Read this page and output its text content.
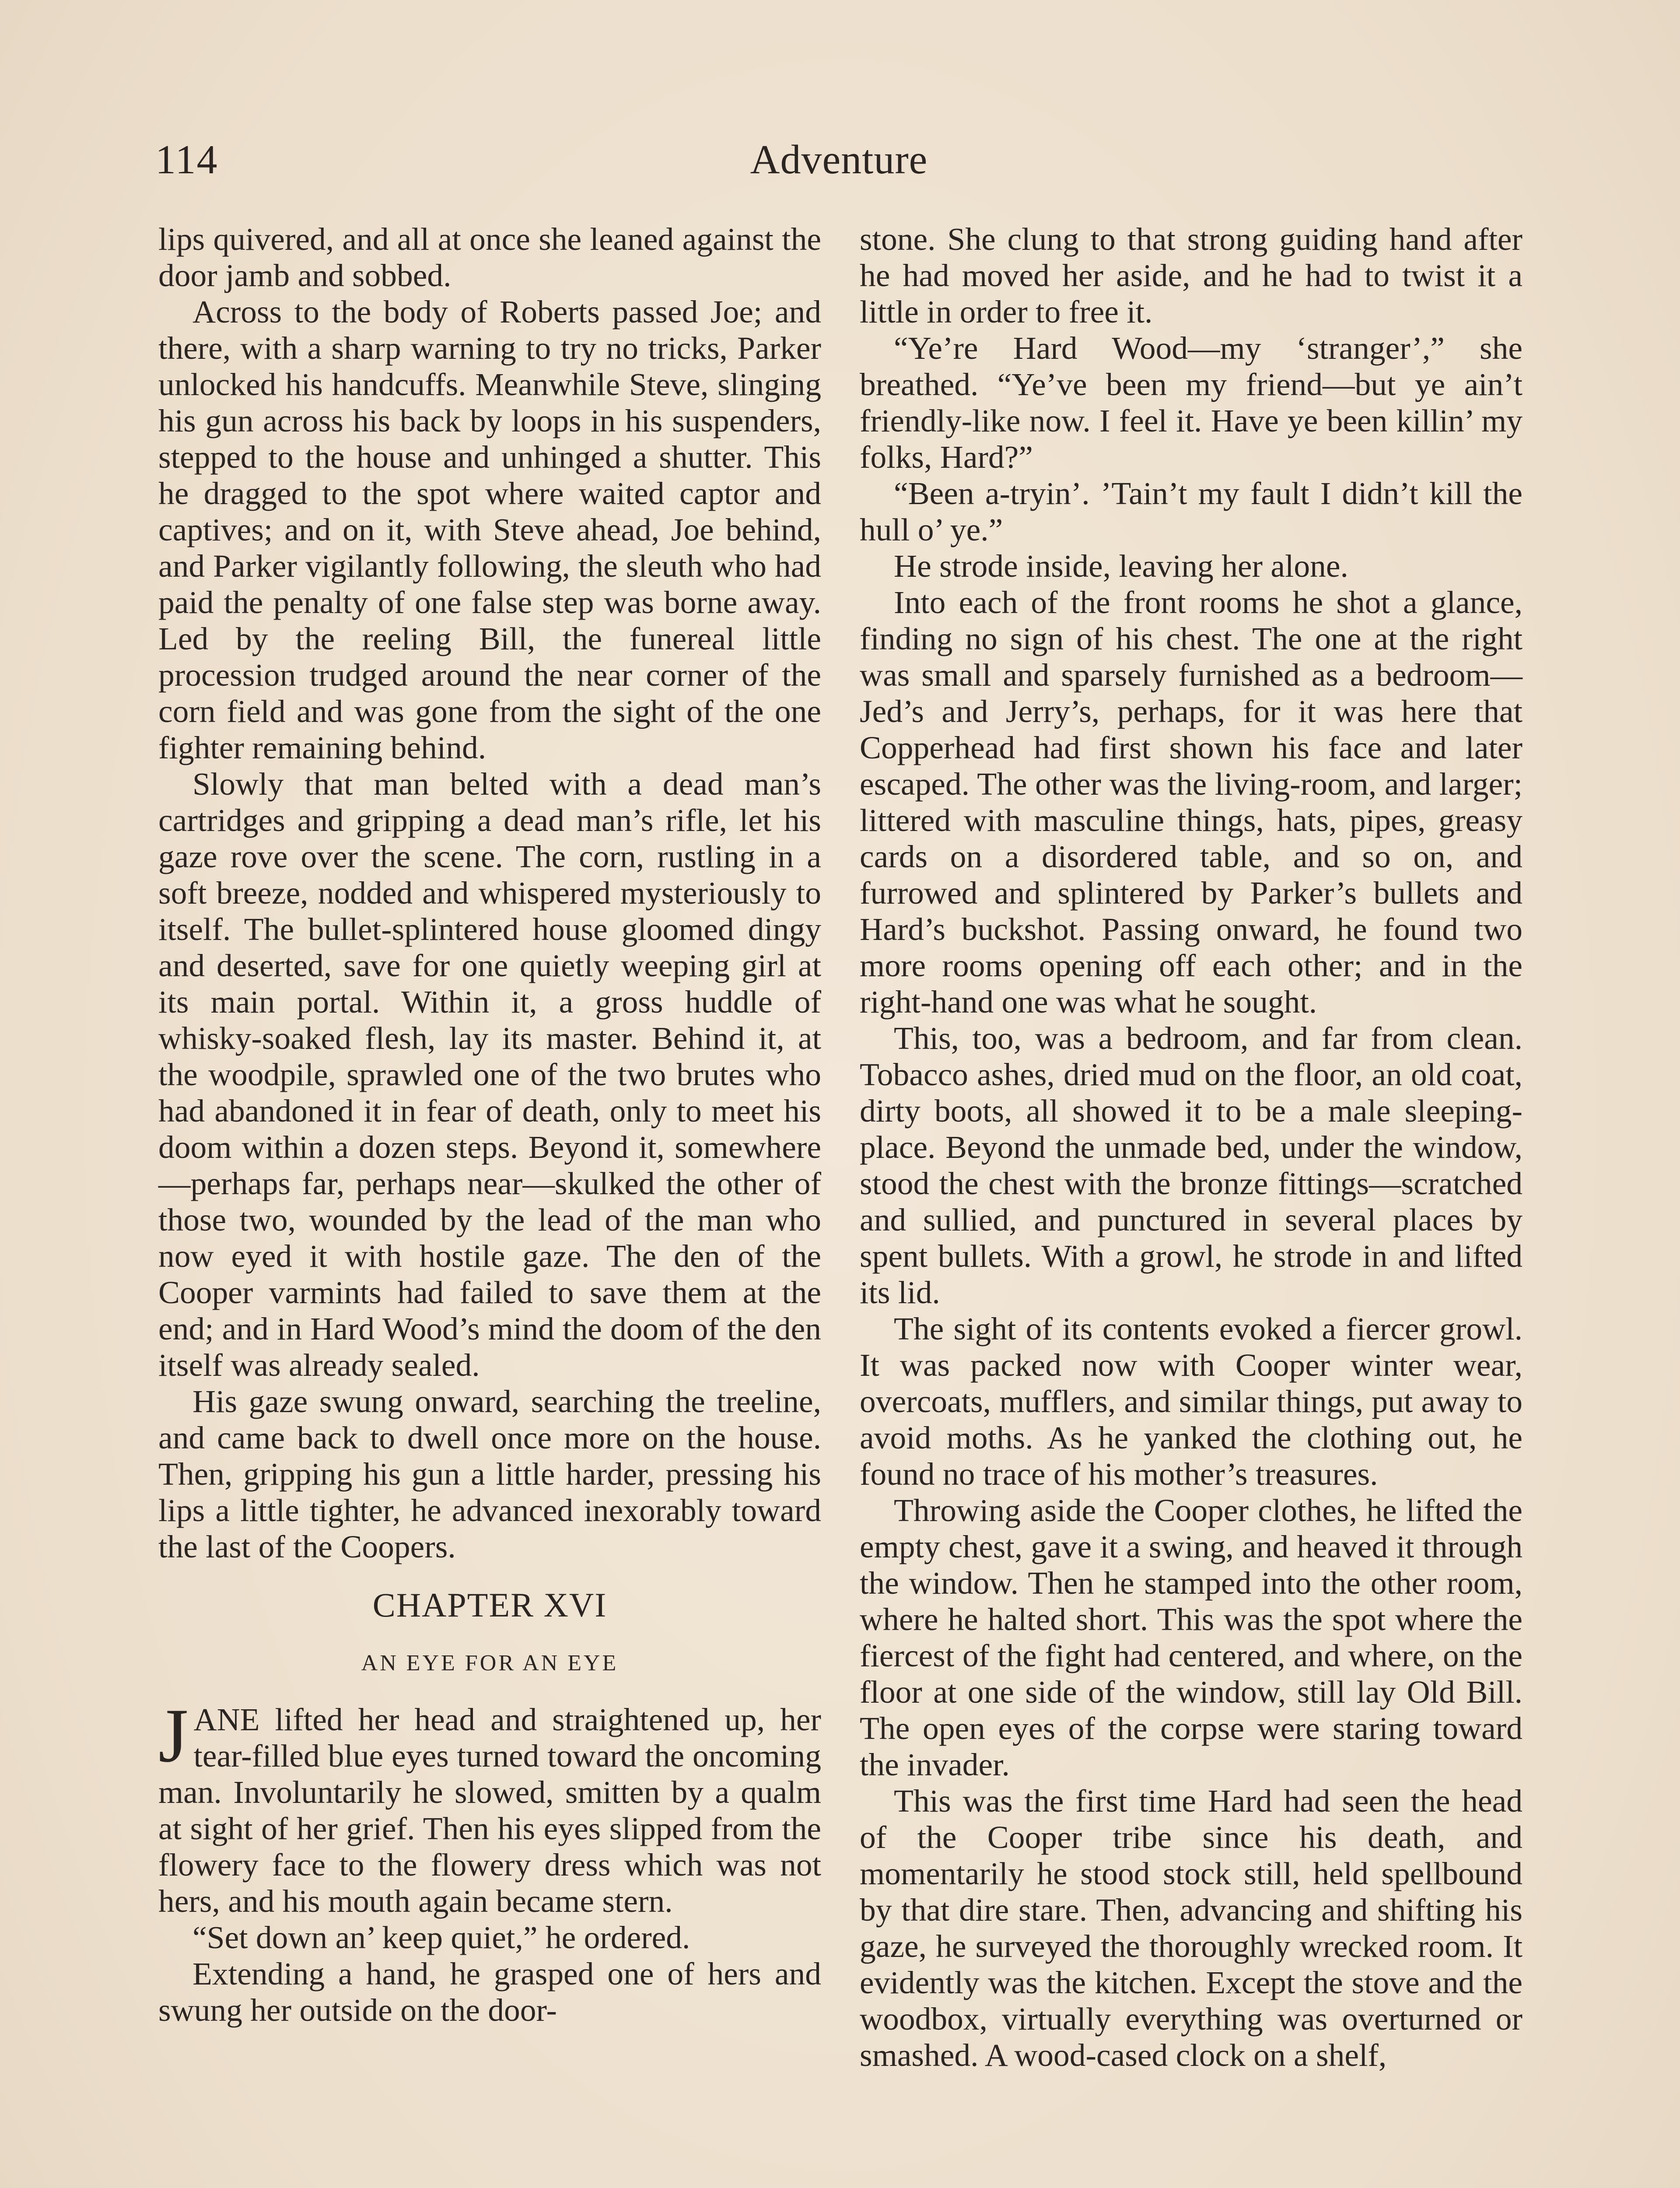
114	Adventure

lips quivered, and all at once she leaned against the door jamb and sobbed.

Across to the body of Roberts passed Joe; and there, with a sharp warning to try no tricks, Parker unlocked his handcuffs. Meanwhile Steve, slinging his gun across his back by loops in his suspenders, stepped to the house and unhinged a shutter. This he dragged to the spot where waited captor and captives; and on it, with Steve ahead, Joe behind, and Parker vigilantly following, the sleuth who had paid the penalty of one false step was borne away. Led by the reeling Bill, the funereal little procession trudged around the near corner of the corn field and was gone from the sight of the one fighter remaining behind.

Slowly that man belted with a dead man’s cartridges and gripping a dead man’s rifle, let his gaze rove over the scene. The corn, rustling in a soft breeze, nodded and whispered mysteriously to itself. The bullet-splintered house gloomed dingy and deserted, save for one quietly weeping girl at its main portal. Within it, a gross huddle of whisky-soaked flesh, lay its master. Behind it, at the woodpile, sprawled one of the two brutes who had abandoned it in fear of death, only to meet his doom within a dozen steps. Beyond it, somewhere—perhaps far, perhaps near—skulked the other of those two, wounded by the lead of the man who now eyed it with hostile gaze. The den of the Cooper varmints had failed to save them at the end; and in Hard Wood’s mind the doom of the den itself was already sealed.

His gaze swung onward, searching the treeline, and came back to dwell once more on the house. Then, gripping his gun a little harder, pressing his lips a little tighter, he advanced inexorably toward the last of the Coopers.

CHAPTER XVI
AN EYE FOR AN EYE

JANE lifted her head and straightened up, her tear-filled blue eyes turned toward the oncoming man. Involuntarily he slowed, smitten by a qualm at sight of her grief. Then his eyes slipped from the flowery face to the flowery dress which was not hers, and his mouth again became stern.

“Set down an’ keep quiet,” he ordered.

Extending a hand, he grasped one of hers and swung her outside on the door-

stone. She clung to that strong guiding hand after he had moved her aside, and he had to twist it a little in order to free it.

“Ye’re Hard Wood—my ‘stranger’,” she breathed. “Ye’ve been my friend—but ye ain’t friendly-like now. I feel it. Have ye been killin’ my folks, Hard?”

“Been a-tryin’. ’Tain’t my fault I didn’t kill the hull o’ ye.”

He strode inside, leaving her alone.

Into each of the front rooms he shot a glance, finding no sign of his chest. The one at the right was small and sparsely furnished as a bedroom—Jed’s and Jerry’s, perhaps, for it was here that Copperhead had first shown his face and later escaped. The other was the living-room, and larger; littered with masculine things, hats, pipes, greasy cards on a disordered table, and so on, and furrowed and splintered by Parker’s bullets and Hard’s buckshot. Passing onward, he found two more rooms opening off each other; and in the right-hand one was what he sought.

This, too, was a bedroom, and far from clean. Tobacco ashes, dried mud on the floor, an old coat, dirty boots, all showed it to be a male sleeping-place. Beyond the unmade bed, under the window, stood the chest with the bronze fittings—scratched and sullied, and punctured in several places by spent bullets. With a growl, he strode in and lifted its lid.

The sight of its contents evoked a fiercer growl. It was packed now with Cooper winter wear, overcoats, mufflers, and similar things, put away to avoid moths. As he yanked the clothing out, he found no trace of his mother’s treasures.

Throwing aside the Cooper clothes, he lifted the empty chest, gave it a swing, and heaved it through the window. Then he stamped into the other room, where he halted short. This was the spot where the fiercest of the fight had centered, and where, on the floor at one side of the window, still lay Old Bill. The open eyes of the corpse were staring toward the invader.

This was the first time Hard had seen the head of the Cooper tribe since his death, and momentarily he stood stock still, held spellbound by that dire stare. Then, advancing and shifting his gaze, he surveyed the thoroughly wrecked room. It evidently was the kitchen. Except the stove and the woodbox, virtually everything was overturned or smashed. A wood-cased clock on a shelf,
